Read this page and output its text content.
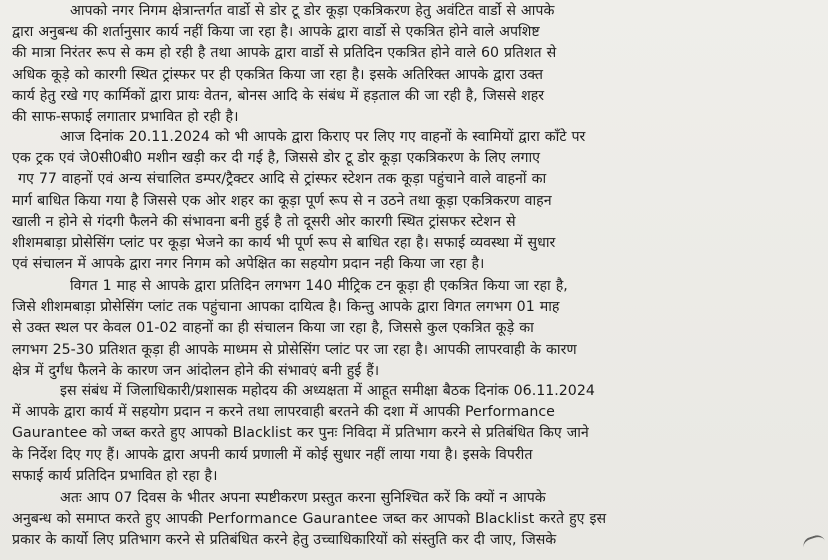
आपको नगर निगम क्षेत्रान्तर्गत वार्डो से डोर टू डोर कूड़ा एकत्रिकरण हेतु अवंटित वार्डो से आपके
द्वारा अनुबन्ध की शर्तानुसार कार्य नहीं किया जा रहा है। आपके द्वारा वार्डो से एकत्रित होने वाले अपशिष्ट
की मात्रा निरंतर रूप से कम हो रही है तथा आपके द्वारा वार्डो से प्रतिदिन एकत्रित होने वाले 60 प्रतिशत से
अधिक कूड़े को कारगी स्थित ट्रांस्फर पर ही एकत्रित किया जा रहा है। इसके अतिरिक्त आपके द्वारा उक्त
कार्य हेतु रखे गए कार्मिकों द्वारा प्रायः वेतन, बोनस आदि के संबंध में हड़ताल की जा रही है, जिससे शहर
की साफ-सफाई लगातार प्रभावित हो रही है।

आज दिनांक 20.11.2024 को भी आपके द्वारा किराए पर लिए गए वाहनों के स्वामियों द्वारा काँटे पर
एक ट्रक एवं जे0सी0बी0 मशीन खड़ी कर दी गई है, जिससे डोर टू डोर कूड़ा एकत्रिकरण के लिए लगाए
गए 77 वाहनों एवं अन्य संचालित डम्पर/ट्रैक्टर आदि से ट्रांस्फर स्टेशन तक कूड़ा पहुंचाने वाले वाहनों का
मार्ग बाधित किया गया है जिससे एक ओर शहर का कूड़ा पूर्ण रूप से न उठने तथा कूड़ा एकत्रिकरण वाहन
खाली न होने से गंदगी फैलने की संभावना बनी हुई है तो दूसरी ओर कारगी स्थित ट्रांसफर स्टेशन से
शीशमबाड़ा प्रोसेसिंग प्लांट पर कूड़ा भेजने का कार्य भी पूर्ण रूप से बाधित रहा है। सफाई व्यवस्था में सुधार
एवं संचालन में आपके द्वारा नगर निगम को अपेक्षित का सहयोग प्रदान नही किया जा रहा है।

विगत 1 माह से आपके द्वारा प्रतिदिन लगभग 140 मीट्रिक टन कूड़ा ही एकत्रित किया जा रहा है,
जिसे शीशमबाड़ा प्रोसेसिंग प्लांट तक पहुंचाना आपका दायित्व है। किन्तु आपके द्वारा विगत लगभग 01 माह
से उक्त स्थल पर केवल 01-02 वाहनों का ही संचालन किया जा रहा है, जिससे कुल एकत्रित कूड़े का
लगभग 25-30 प्रतिशत कूड़ा ही आपके माध्मम से प्रोसेसिंग प्लांट पर जा रहा है। आपकी लापरवाही के कारण
क्षेत्र में दुर्गंध फैलने के कारण जन आंदोलन होने की संभावएं बनी हुई हैं।

इस संबंध में जिलाधिकारी/प्रशासक महोदय की अध्यक्षता में आहूत समीक्षा बैठक दिनांक 06.11.2024
में आपके द्वारा कार्य में सहयोग प्रदान न करने तथा लापरवाही बरतने की दशा में आपकी Performance
Gaurantee को जब्त करते हुए आपको Blacklist कर पुनः निविदा में प्रतिभाग करने से प्रतिबंधित किए जाने
के निर्देश दिए गए हैं। आपके द्वारा अपनी कार्य प्रणाली में कोई सुधार नहीं लाया गया है। इसके विपरीत
सफाई कार्य प्रतिदिन प्रभावित हो रहा है।

अतः आप 07 दिवस के भीतर अपना स्पष्टीकरण प्रस्तुत करना सुनिश्चित करें कि क्यों न आपके
अनुबन्ध को समाप्त करते हुए आपकी Performance Gaurantee जब्त कर आपको Blacklist करते हुए इस
प्रकार के कार्यो लिए प्रतिभाग करने से प्रतिबंधित करने हेतु उच्चाधिकारियों को संस्तुति कर दी जाए, जिसके
